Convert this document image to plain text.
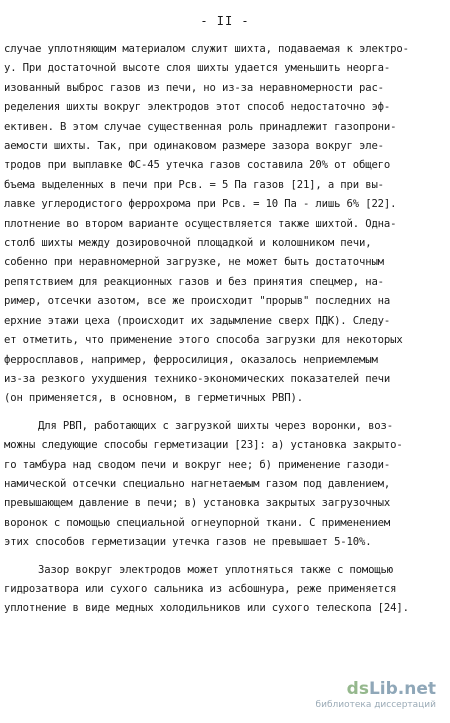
- II -
случае уплотняющим материалом служит шихта, подаваемая к электро-
у. При достаточной высоте слоя шихты удается уменьшить неорга-
изованный выброс газов из печи, но из-за неравномерности рас-
ределения шихты вокруг электродов этот способ недостаточно эф-
ективен. В этом случае существенная роль принадлежит газопрони-
аемости шихты. Так, при одинаковом размере зазора вокруг эле-
тродов при выплавке ФС-45 утечка газов составила 20% от общего
бъема выделенных в печи при Pсв. = 5 Па газов [21], а при вы-
лавке углеродистого феррохрома при Pсв. = 10 Па - лишь 6% [22].
плотнение во втором варианте осуществляется также шихтой. Одна-
столб шихты между дозировочной площадкой и колошником печи,
собенно при неравномерной загрузке, не может быть достаточным
репятствием для реакционных газов и без принятия спецмер, на-
ример, отсечки азотом, все же происходит "прорыв" последних на
ерхние этажи цеха (происходит их задымление сверх ПДК). Следу-
ет отметить, что применение этого способа загрузки для некоторых
ферросплавов, например, ферросилиция, оказалось неприемлемым
из-за резкого ухудшения технико-экономических показателей печи
(он применяется, в основном, в герметичных РВП).
Для РВП, работающих с загрузкой шихты через воронки, воз-
можны следующие способы герметизации [23]: а) установка закрыто-
го тамбура над сводом печи и вокруг нее; б) применение газоди-
намической отсечки специально нагнетаемым газом под давлением,
превышающем давление в печи; в) установка закрытых загрузочных
воронок с помощью специальной огнеупорной ткани. С применением
этих способов герметизации утечка газов не превышает 5-10%.
Зазор вокруг электродов может уплотняться также с помощью
гидрозатвора или сухого сальника из асбошнура, реже применяется
уплотнение в виде медных холодильников или сухого телескопа [24].
dsLib.net
библиотека диссертаций
